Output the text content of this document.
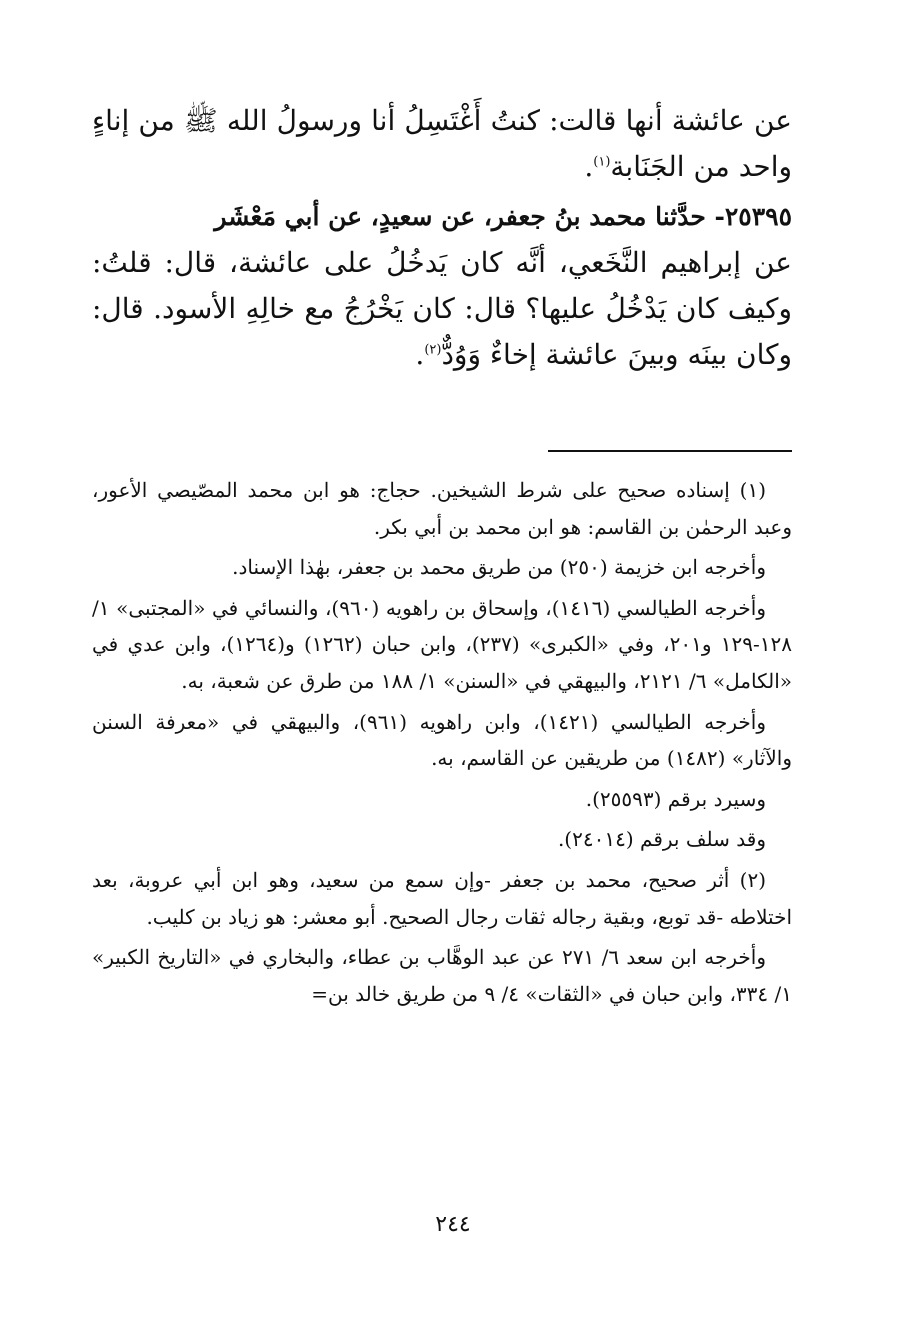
عن عائشة أنها قالت: كنتُ أَغْتَسِلُ أنا ورسولُ الله ﷺ من إناءٍ واحد من الجَنَابة$^{(١)}$.

٢٥٣٩٥- حدَّثنا محمد بنُ جعفر، عن سعيدٍ، عن أبي مَعْشَر

عن إبراهيم النَّخَعي، أنَّه كان يَدخُلُ على عائشة، قال: قلتُ: وكيف كان يَدْخُلُ عليها؟ قال: كان يَخْرُجُ مع خالِهِ الأسود. قال: وكان بينَه وبينَ عائشة إخاءٌ وَوُدٌّ$^{(٢)}$.

(١) إسناده صحيح على شرط الشيخين. حجاج: هو ابن محمد المصّيصي الأعور، وعبد الرحمٰن بن القاسم: هو ابن محمد بن أبي بكر.

وأخرجه ابن خزيمة (٢٥٠) من طريق محمد بن جعفر، بهٰذا الإسناد.

وأخرجه الطيالسي (١٤١٦)، وإسحاق بن راهويه (٩٦٠)، والنسائي في «المجتبى» ١/ ١٢٨-١٢٩ و٢٠١، وفي «الكبرى» (٢٣٧)، وابن حبان (١٢٦٢) و(١٢٦٤)، وابن عدي في «الكامل» ٦/ ٢١٢١، والبيهقي في «السنن» ١/ ١٨٨ من طرق عن شعبة، به.

وأخرجه الطيالسي (١٤٢١)، وابن راهويه (٩٦١)، والبيهقي في «معرفة السنن والآثار» (١٤٨٢) من طريقين عن القاسم، به.

وسيرد برقم (٢٥٥٩٣).

وقد سلف برقم (٢٤٠١٤).

(٢) أثر صحيح، محمد بن جعفر -وإن سمع من سعيد، وهو ابن أبي عروبة، بعد اختلاطه -قد توبع، وبقية رجاله ثقات رجال الصحيح. أبو معشر: هو زياد بن كليب.

وأخرجه ابن سعد ٦/ ٢٧١ عن عبد الوهَّاب بن عطاء، والبخاري في «التاريخ الكبير» ١/ ٣٣٤، وابن حبان في «الثقات» ٤/ ٩ من طريق خالد بن=

٢٤٤
